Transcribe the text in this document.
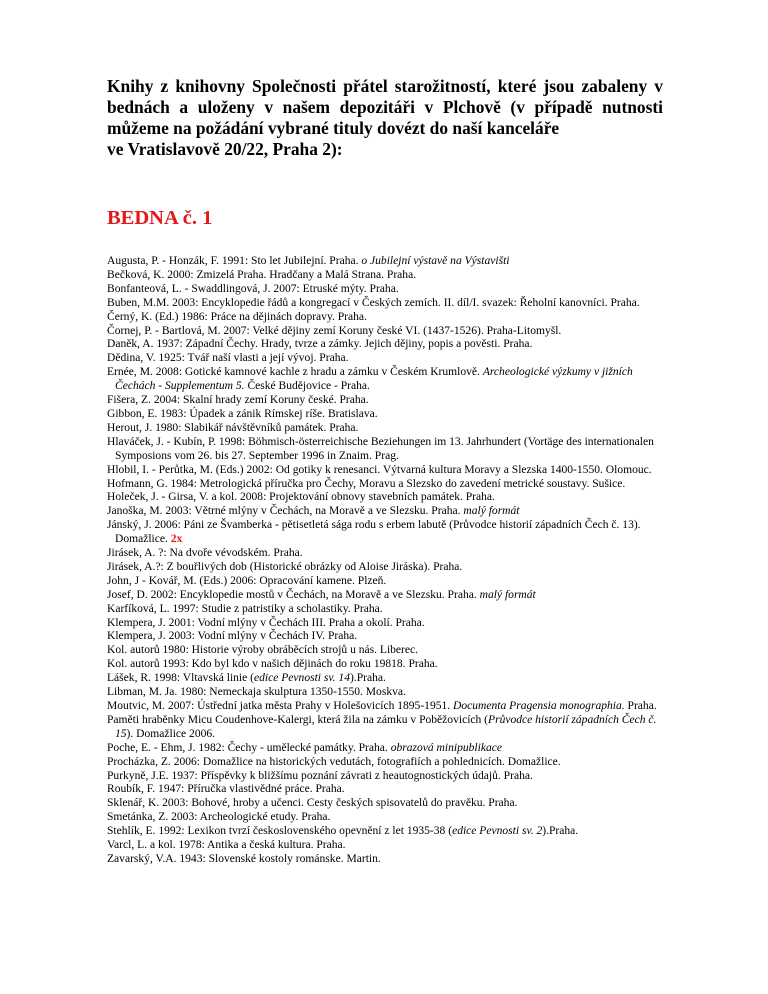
Knihy z knihovny Společnosti přátel starožitností, které jsou zabaleny v bednách a uloženy v našem depozitáři v Plchově (v případě nutnosti můžeme na požádání vybrané tituly dovézt do naší kanceláře
ve Vratislavově 20/22, Praha 2):

BEDNA č. 1
Augusta, P. - Honzák, F. 1991: Sto let Jubilejní. Praha. o Jubilejní výstavě na Výstavišti
Bečková, K. 2000: Zmizelá Praha. Hradčany a Malá Strana. Praha.
Bonfanteová, L. - Swaddlingová, J. 2007: Etruské mýty. Praha.
Buben, M.M. 2003: Encyklopedie řádů a kongregací v Českých zemích. II. díl/I. svazek: Řeholní kanovníci. Praha.
Černý, K. (Ed.) 1986: Práce na dějinách dopravy. Praha.
Čornej, P. - Bartlová, M. 2007: Velké dějiny zemí Koruny české VI. (1437-1526). Praha-Litomyšl.
Daněk, A. 1937: Západní Čechy. Hrady, tvrze a zámky. Jejich dějiny, popis a pověsti. Praha.
Dědina, V. 1925: Tvář naší vlasti a její vývoj. Praha.
Ernée, M. 2008: Gotické kamnové kachle z hradu a zámku v Českém Krumlově. Archeologické výzkumy v jižních Čechách - Supplementum 5. České Budějovice - Praha.
Fišera, Z. 2004: Skalní hrady zemí Koruny české. Praha.
Gibbon, E. 1983: Úpadek a zánik Rímskej ríše. Bratislava.
Herout, J. 1980: Slabikář návštěvníků památek. Praha.
Hlaváček, J. - Kubín, P. 1998: Böhmisch-österreichische Beziehungen im 13. Jahrhundert (Vortäge des internationalen Symposions vom 26. bis 27. September 1996 in Znaim. Prag.
Hlobil, I. - Perůtka, M. (Eds.) 2002: Od gotiky k renesanci. Výtvarná kultura Moravy a Slezska 1400-1550. Olomouc.
Hofmann, G. 1984: Metrologická příručka pro Čechy, Moravu a Slezsko do zavedení metrické soustavy. Sušice.
Holeček, J. - Girsa, V. a kol. 2008: Projektování obnovy stavebních památek. Praha.
Janoška, M. 2003: Větrné mlýny v Čechách, na Moravě a ve Slezsku. Praha. malý formát
Jánský, J. 2006: Páni ze Švamberka - pětisetletá sága rodu s erbem labutě (Průvodce historií západních Čech č. 13). Domažlice. 2x
Jirásek, A. ?: Na dvoře vévodském. Praha.
Jirásek, A.?: Z bouřlivých dob (Historické obrázky od Aloise Jiráska). Praha.
John, J - Kovář, M. (Eds.) 2006: Opracování kamene. Plzeň.
Josef, D. 2002: Encyklopedie mostů v Čechách, na Moravě a ve Slezsku. Praha. malý formát
Karfíková, L. 1997: Studie z patristiky a scholastiky. Praha.
Klempera, J. 2001: Vodní mlýny v Čechách III. Praha a okolí. Praha.
Klempera, J. 2003: Vodní mlýny v Čechách IV. Praha.
Kol. autorů 1980: Historie výroby obráběcích strojů u nás. Liberec.
Kol. autorů 1993: Kdo byl kdo v našich dějinách do roku 19818. Praha.
Lášek, R. 1998: Vltavská linie (edice Pevnosti sv. 14).Praha.
Libman, M. Ja. 1980: Nemeckaja skulptura 1350-1550. Moskva.
Moutvic, M. 2007: Ústřední jatka města Prahy v Holešovicích 1895-1951. Documenta Pragensia monographia. Praha.
Paměti hraběnky Micu Coudenhove-Kalergi, která žila na zámku v Poběžovicích (Průvodce historií západních Čech č. 15). Domažlice 2006.
Poche, E. - Ehm, J. 1982: Čechy - umělecké památky. Praha. obrazová minipublikace
Procházka, Z. 2006: Domažlice na historických vedutách, fotografiích a pohlednicích. Domažlice.
Purkyně, J.E. 1937: Příspěvky k bližšímu poznání závrati z heautognostických údajů. Praha.
Roubík, F. 1947: Příručka vlastivědné práce. Praha.
Sklenář, K. 2003: Bohové, hroby a učenci. Cesty českých spisovatelů do pravěku. Praha.
Smetánka, Z. 2003: Archeologické etudy. Praha.
Stehlík, E. 1992: Lexikon tvrzí československého opevnění z let 1935-38 (edice Pevnosti sv. 2).Praha.
Varcl, L. a kol. 1978: Antika a česká kultura. Praha.
Zavarský, V.A. 1943: Slovenské kostoly románske. Martin.
